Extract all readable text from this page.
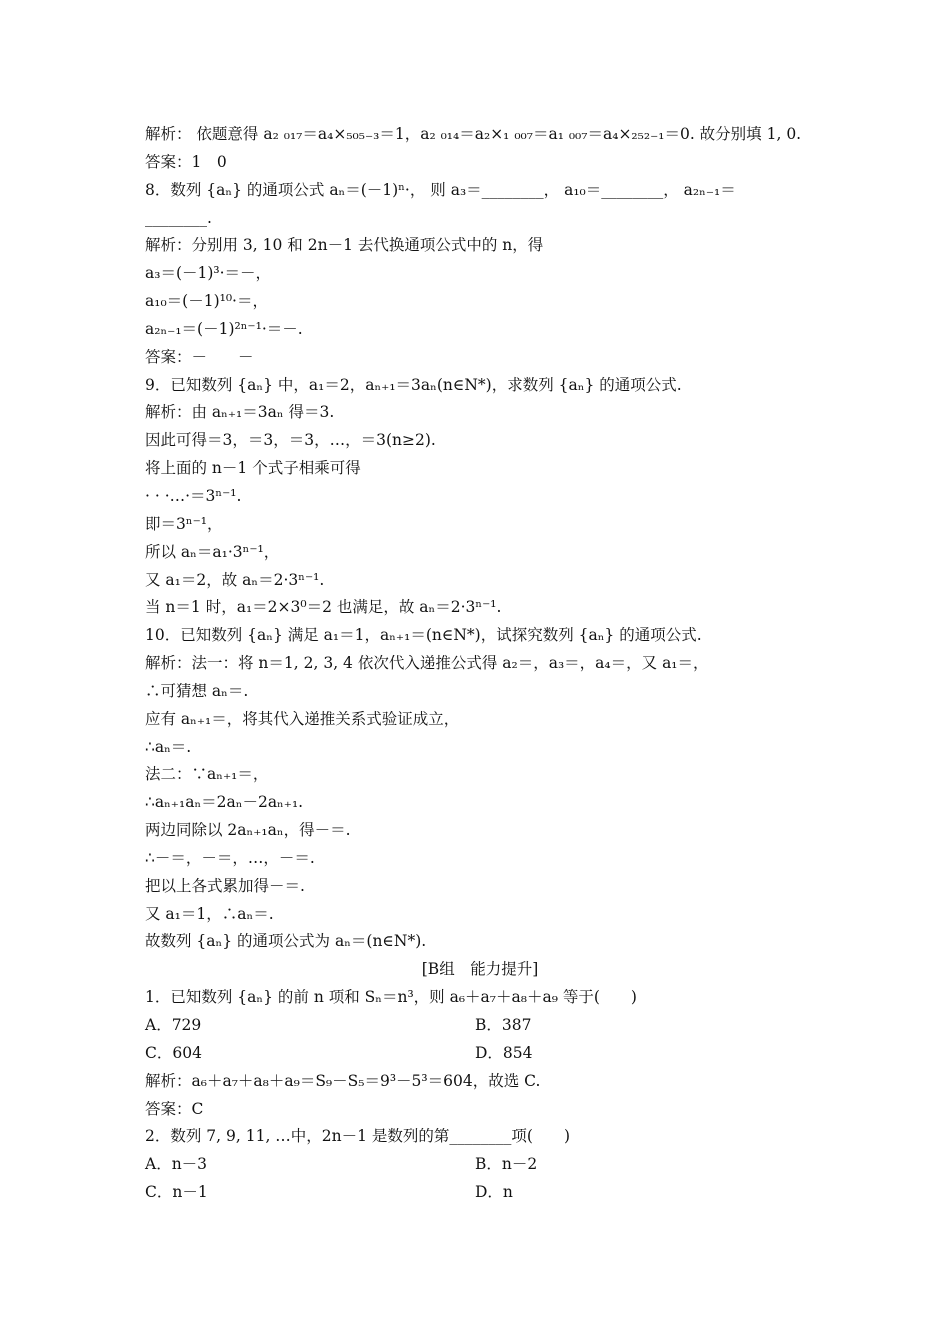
解析： 依题意得 a₂ ₀₁₇＝a₄×₅₀₅₋₃＝1，a₂ ₀₁₄＝a₂×₁ ₀₀₇＝a₁ ₀₀₇＝a₄×₂₅₂₋₁＝0. 故分别填 1, 0.
答案：1　0
8．数列 {aₙ} 的通项公式 aₙ＝(－1)ⁿ·， 则 a₃＝________， a₁₀＝________， a₂ₙ₋₁＝
________.
解析：分别用 3, 10 和 2n－1 去代换通项公式中的 n，得
a₃＝(－1)³·＝－，
a₁₀＝(－1)¹⁰·＝，
a₂ₙ₋₁＝(－1)²ⁿ⁻¹·＝－.
答案：－　　－
9．已知数列 {aₙ} 中，a₁＝2，aₙ₊₁＝3aₙ(n∈N*)，求数列 {aₙ} 的通项公式.
解析：由 aₙ₊₁＝3aₙ 得＝3.
因此可得＝3，＝3，＝3，…，＝3(n≥2).
将上面的 n－1 个式子相乘可得
· · ·…·＝3ⁿ⁻¹.
即＝3ⁿ⁻¹，
所以 aₙ＝a₁·3ⁿ⁻¹，
又 a₁＝2，故 aₙ＝2·3ⁿ⁻¹.
当 n＝1 时，a₁＝2×3⁰＝2 也满足，故 aₙ＝2·3ⁿ⁻¹.
10．已知数列 {aₙ} 满足 a₁＝1，aₙ₊₁＝(n∈N*)，试探究数列 {aₙ} 的通项公式.
解析：法一：将 n＝1, 2, 3, 4 依次代入递推公式得 a₂＝，a₃＝，a₄＝，又 a₁＝，
∴可猜想 aₙ＝.
应有 aₙ₊₁＝，将其代入递推关系式验证成立，
∴aₙ＝.
法二：∵aₙ₊₁＝，
∴aₙ₊₁aₙ＝2aₙ－2aₙ₊₁.
两边同除以 2aₙ₊₁aₙ，得－＝.
∴－＝，－＝，…，－＝.
把以上各式累加得－＝.
又 a₁＝1，∴aₙ＝.
故数列 {aₙ} 的通项公式为 aₙ＝(n∈N*).
[B组　能力提升]
1．已知数列 {aₙ} 的前 n 项和 Sₙ＝n³，则 a₆＋a₇＋a₈＋a₉ 等于(　　)
A．729	B．387
C．604	D．854
解析：a₆＋a₇＋a₈＋a₉＝S₉－S₅＝9³－5³＝604，故选 C.
答案：C
2．数列 7, 9, 11, …中，2n－1 是数列的第________项(　　)
A．n－3	B．n－2
C．n－1	D．n
